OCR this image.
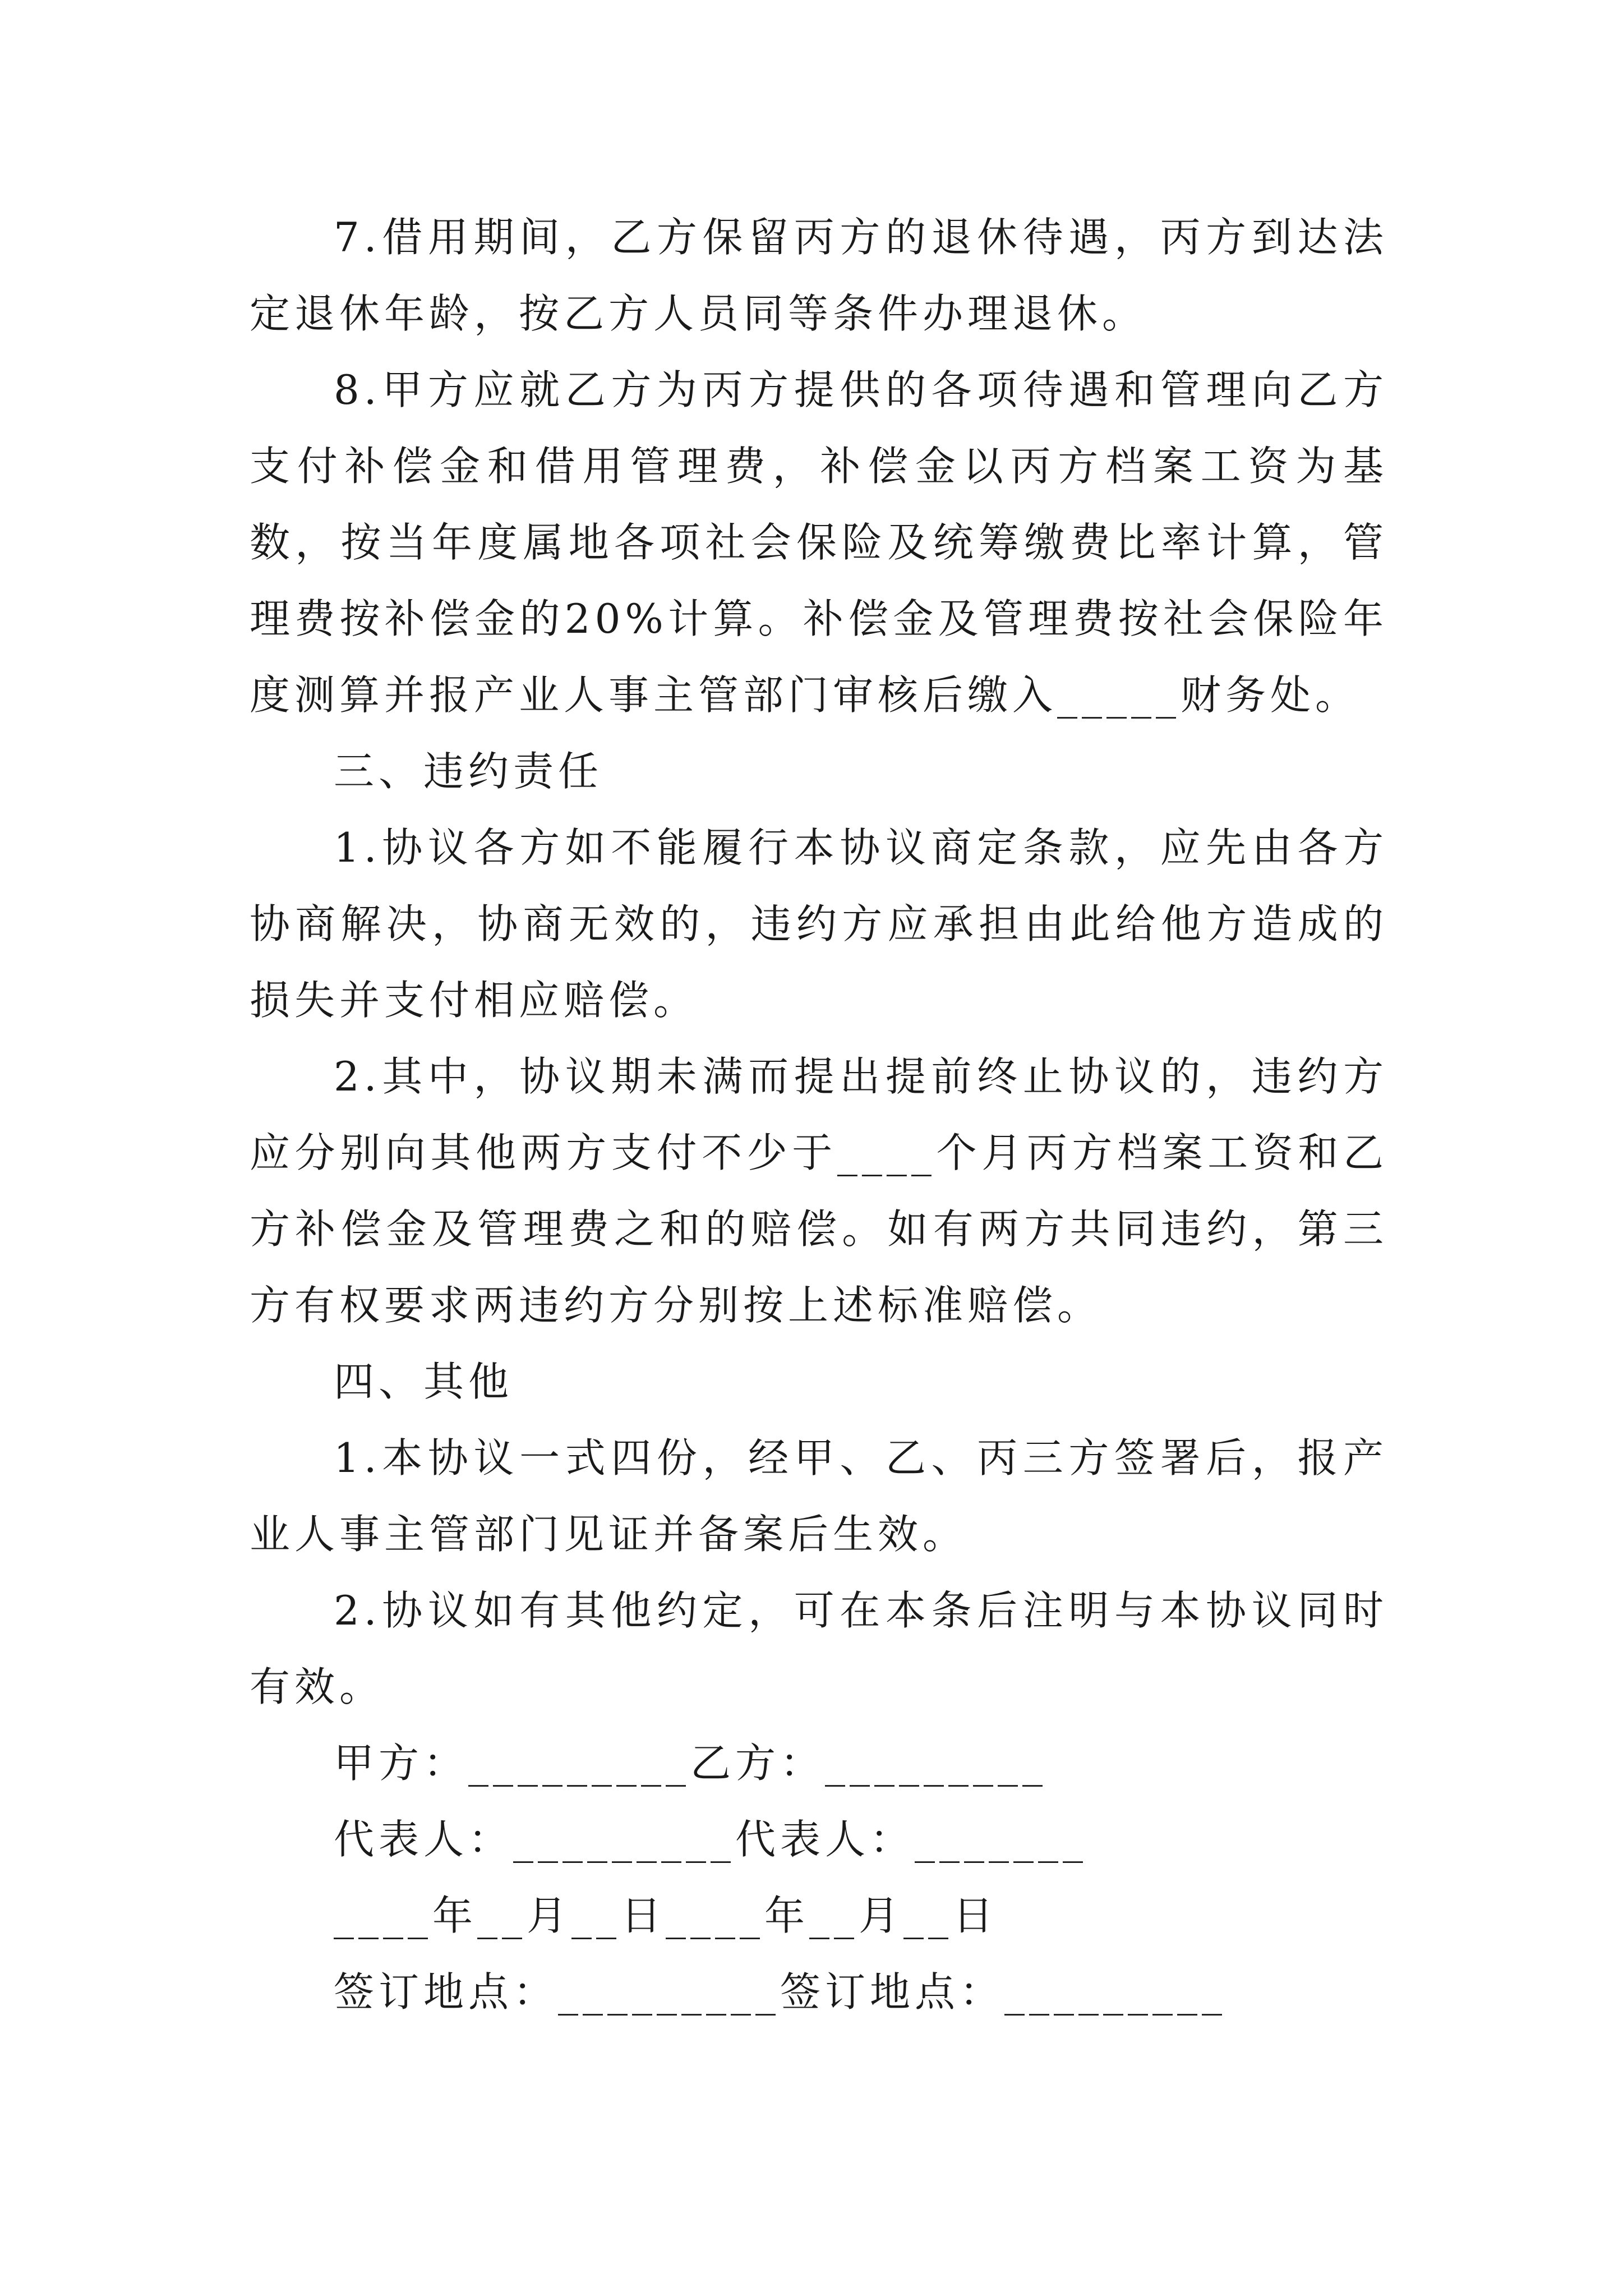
7.借用期间，乙方保留丙方的退休待遇，丙方到达法定退休年龄，按乙方人员同等条件办理退休。

8.甲方应就乙方为丙方提供的各项待遇和管理向乙方支付补偿金和借用管理费，补偿金以丙方档案工资为基数，按当年度属地各项社会保险及统筹缴费比率计算，管理费按补偿金的20%计算。补偿金及管理费按社会保险年度测算并报产业人事主管部门审核后缴入_____财务处。

三、违约责任

1.协议各方如不能履行本协议商定条款，应先由各方协商解决，协商无效的，违约方应承担由此给他方造成的损失并支付相应赔偿。

2.其中，协议期未满而提出提前终止协议的，违约方应分别向其他两方支付不少于____个月丙方档案工资和乙方补偿金及管理费之和的赔偿。如有两方共同违约，第三方有权要求两违约方分别按上述标准赔偿。

四、其他

1.本协议一式四份，经甲、乙、丙三方签署后，报产业人事主管部门见证并备案后生效。

2.协议如有其他约定，可在本条后注明与本协议同时有效。

甲方：_________乙方：_________

代表人：_________代表人：_______

____年__月__日____年__月__日

签订地点：_________签订地点：_________
